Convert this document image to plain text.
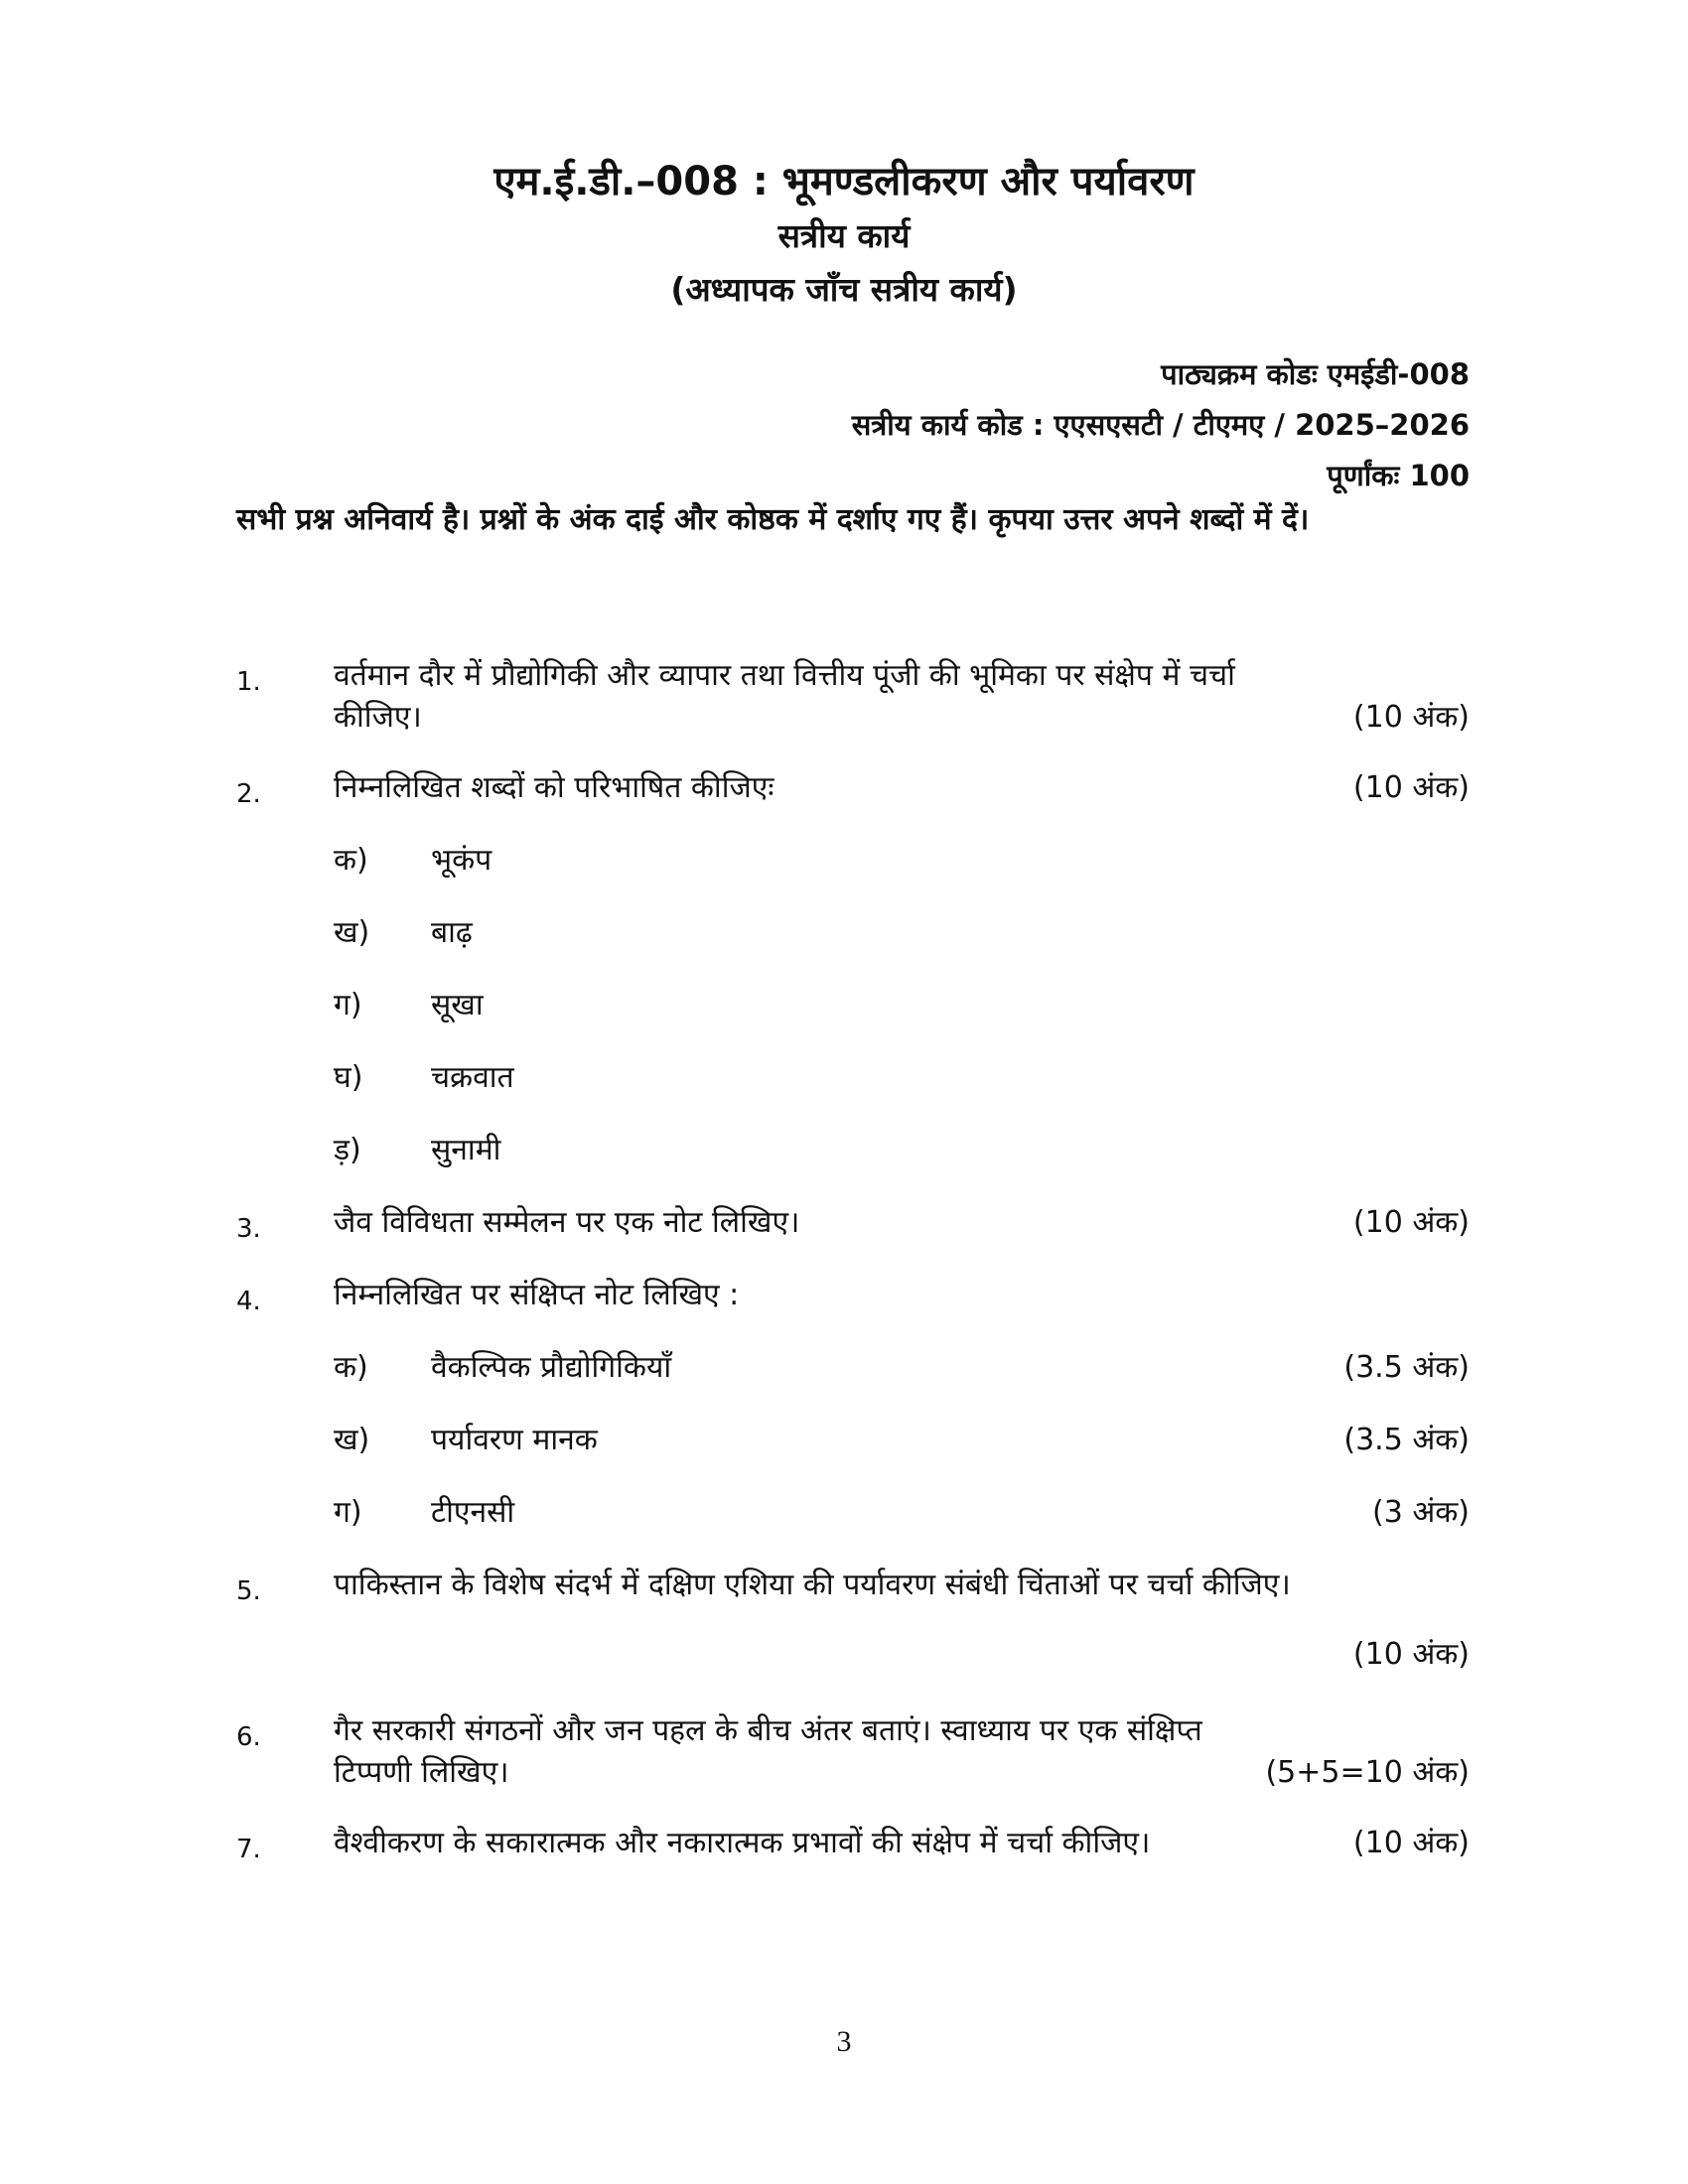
एम.ई.डी.–008 : भूमण्डलीकरण और पर्यावरण
सत्रीय कार्य
(अध्यापक जाँच सत्रीय कार्य)
पाठ्यक्रम कोडः एमईडी-008
सत्रीय कार्य कोड : एएसएसटी / टीएमए / 2025–2026
पूर्णांकः 100
सभी प्रश्न अनिवार्य है। प्रश्नों के अंक दाई और कोष्ठक में दर्शाए गए हैं। कृपया उत्तर अपने शब्दों में दें।
1. वर्तमान दौर में प्रौद्योगिकी और व्यापार तथा वित्तीय पूंजी की भूमिका पर संक्षेप में चर्चा
कीजिए।	(10 अंक)
2. निम्नलिखित शब्दों को परिभाषित कीजिएः	(10 अंक)
क) भूकंप
ख) बाढ़
ग) सूखा
घ) चक्रवात
ड़) सुनामी
3. जैव विविधता सम्मेलन पर एक नोट लिखिए।	(10 अंक)
4. निम्नलिखित पर संक्षिप्त नोट लिखिए :
क) वैकल्पिक प्रौद्योगिकियाँ	(3.5 अंक)
ख) पर्यावरण मानक	(3.5 अंक)
ग) टीएनसी	(3 अंक)
5. पाकिस्तान के विशेष संदर्भ में दक्षिण एशिया की पर्यावरण संबंधी चिंताओं पर चर्चा कीजिए।
(10 अंक)
6. गैर सरकारी संगठनों और जन पहल के बीच अंतर बताएं। स्वाध्याय पर एक संक्षिप्त
टिप्पणी लिखिए।	(5+5=10 अंक)
7. वैश्वीकरण के सकारात्मक और नकारात्मक प्रभावों की संक्षेप में चर्चा कीजिए।	(10 अंक)
3
